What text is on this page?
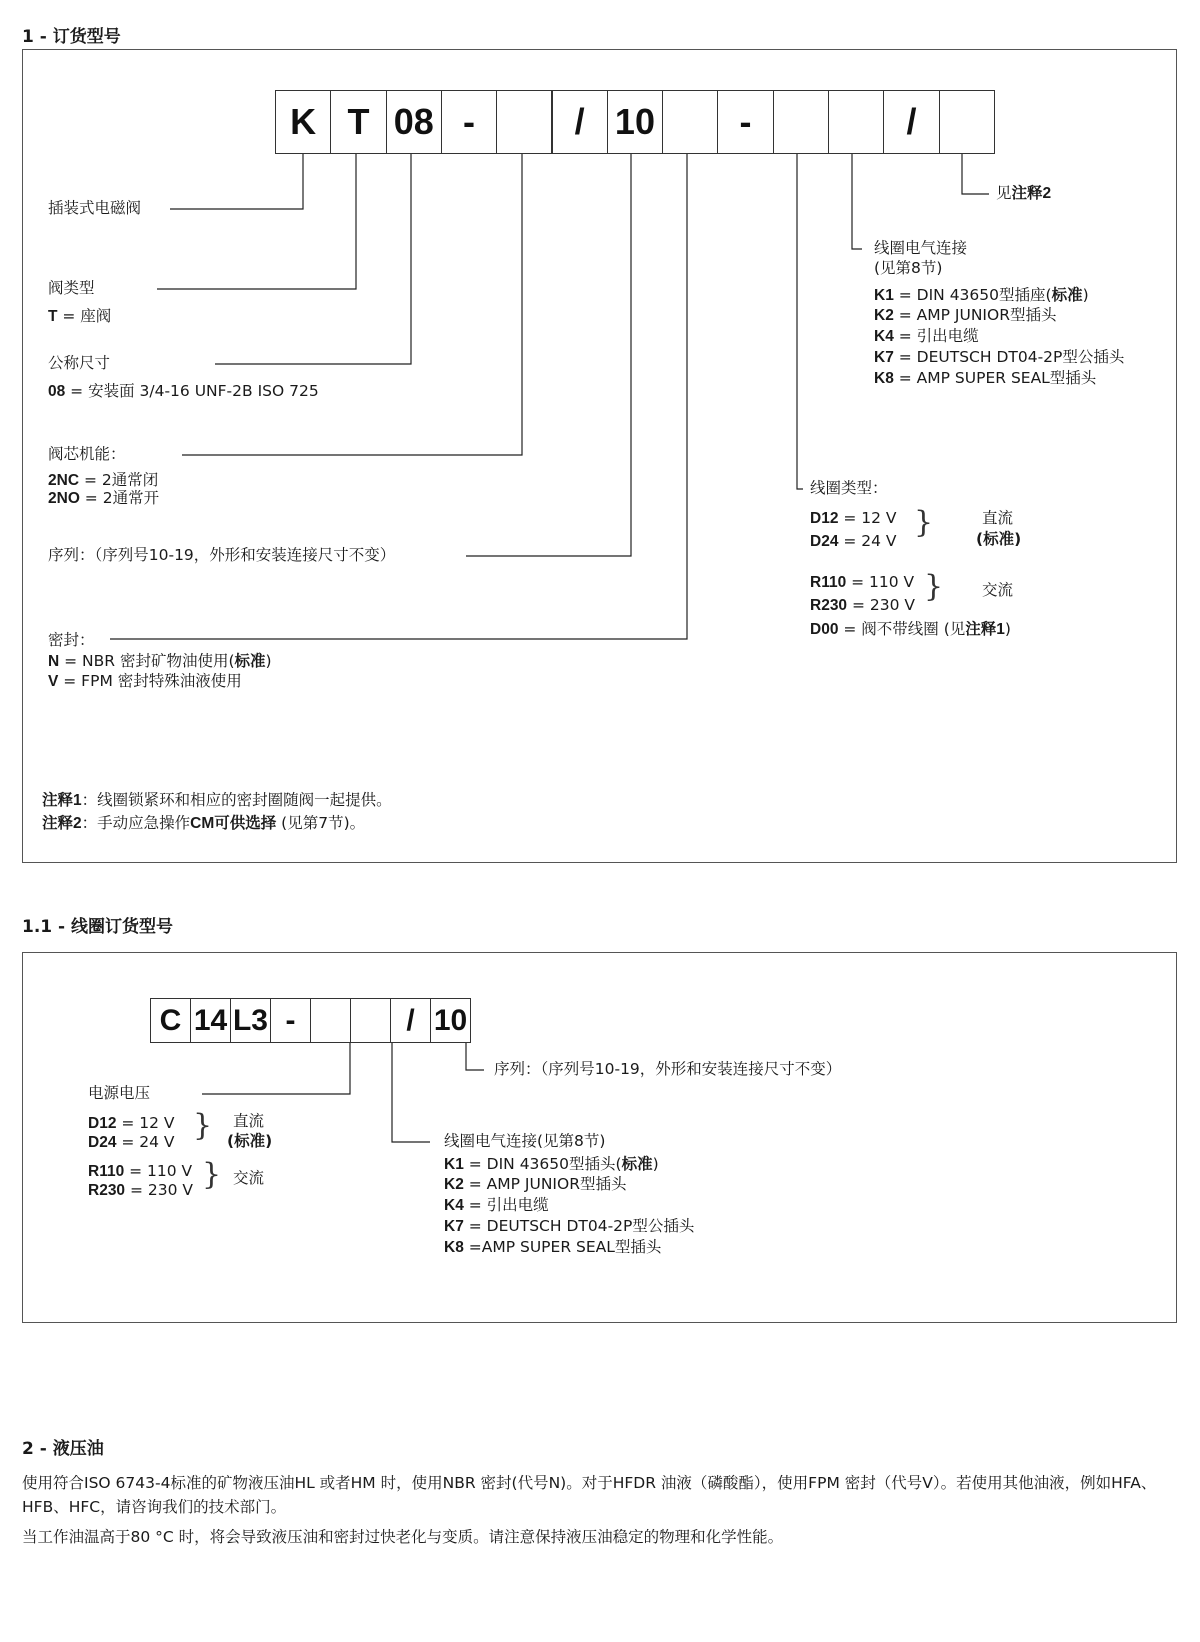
1 - 订货型号
K T 08 -	/ 10	-	/
插装式电磁阀
阀类型
T = 座阀
公称尺寸
08 = 安装面 3/4-16 UNF-2B ISO 725
阀芯机能：
2NC = 2通常闭
2NO = 2通常开
序列：（序列号10-19，外形和安装连接尺寸不变）
密封：
N = NBR 密封矿物油使用(标准)
V = FPM 密封特殊油液使用
见注释2
线圈电气连接
(见第8节)
K1 = DIN 43650型插座(标准)
K2 = AMP JUNIOR型插头
K4 = 引出电缆
K7 = DEUTSCH DT04-2P型公插头
K8 = AMP SUPER SEAL型插头
线圈类型：
D12 = 12 V
D24 = 24 V
}	直流
(标准)
R110 = 110 V
R230 = 230 V
}	交流
D00 = 阀不带线圈 (见注释1)
注释1：线圈锁紧环和相应的密封圈随阀一起提供。
注释2：手动应急操作CM可供选择 (见第7节)。
1.1 - 线圈订货型号
C 14 L3 -	/ 10
序列：（序列号10-19，外形和安装连接尺寸不变）
电源电压
D12 = 12 V
D24 = 24 V } 直流
(标准)
R110 = 110 V
R230 = 230 V } 交流
线圈电气连接(见第8节)
K1 = DIN 43650型插头(标准)
K2 = AMP JUNIOR型插头
K4 = 引出电缆
K7 = DEUTSCH DT04-2P型公插头
K8 =AMP SUPER SEAL型插头
2 - 液压油
使用符合ISO 6743-4标准的矿物液压油HL 或者HM 时，使用NBR 密封(代号N)。对于HFDR 油液（磷酸酯），使用FPM 密封（代号V）。若使用其他油液，例如HFA、HFB、HFC，请咨询我们的技术部门。
当工作油温高于80 °C 时，将会导致液压油和密封过快老化与变质。请注意保持液压油稳定的物理和化学性能。
